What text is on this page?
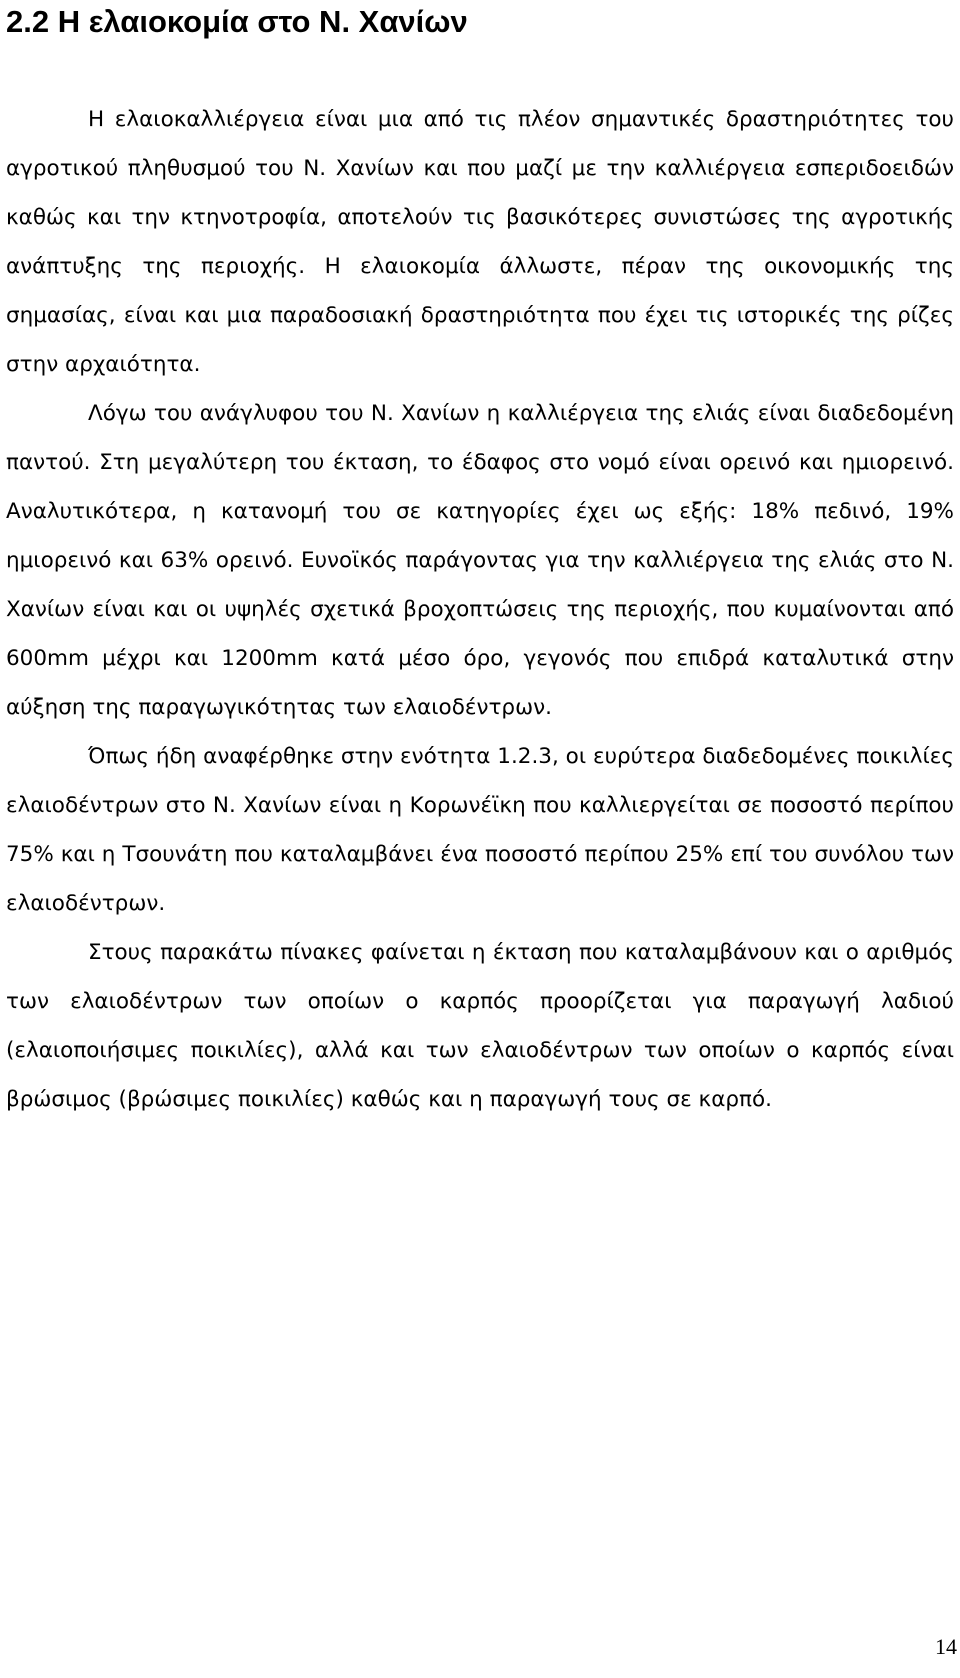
2.2 Η ελαιοκομία στο Ν. Χανίων

Η ελαιοκαλλιέργεια είναι μια από τις πλέον σημαντικές δραστηριότητες του αγροτικού πληθυσμού του Ν. Χανίων και που μαζί με την καλλιέργεια εσπεριδοειδών καθώς και την κτηνοτροφία, αποτελούν τις βασικότερες συνιστώσες της αγροτικής ανάπτυξης της περιοχής. Η ελαιοκομία άλλωστε, πέραν της οικονομικής της σημασίας, είναι και μια παραδοσιακή δραστηριότητα που έχει τις ιστορικές της ρίζες στην αρχαιότητα.

Λόγω του ανάγλυφου του Ν. Χανίων η καλλιέργεια της ελιάς είναι διαδεδομένη παντού. Στη μεγαλύτερη του έκταση, το έδαφος στο νομό είναι ορεινό και ημιορεινό. Αναλυτικότερα, η κατανομή του σε κατηγορίες έχει ως εξής: 18% πεδινό, 19% ημιορεινό και 63% ορεινό. Ευνοϊκός παράγοντας για την καλλιέργεια της ελιάς στο Ν. Χανίων είναι και οι υψηλές σχετικά βροχοπτώσεις της περιοχής, που κυμαίνονται από 600mm μέχρι και 1200mm κατά μέσο όρο, γεγονός που επιδρά καταλυτικά στην αύξηση της παραγωγικότητας των ελαιοδέντρων.

Όπως ήδη αναφέρθηκε στην ενότητα 1.2.3, οι ευρύτερα διαδεδομένες ποικιλίες ελαιοδέντρων στο Ν. Χανίων είναι η Κορωνέϊκη που καλλιεργείται σε ποσοστό περίπου 75% και η Τσουνάτη που καταλαμβάνει ένα ποσοστό περίπου 25% επί του συνόλου των ελαιοδέντρων.

Στους παρακάτω πίνακες φαίνεται η έκταση που καταλαμβάνουν και ο αριθμός των ελαιοδέντρων των οποίων ο καρπός προορίζεται για παραγωγή λαδιού (ελαιοποιήσιμες ποικιλίες), αλλά και των ελαιοδέντρων των οποίων ο καρπός είναι βρώσιμος (βρώσιμες ποικιλίες) καθώς και η παραγωγή τους σε καρπό.

14
